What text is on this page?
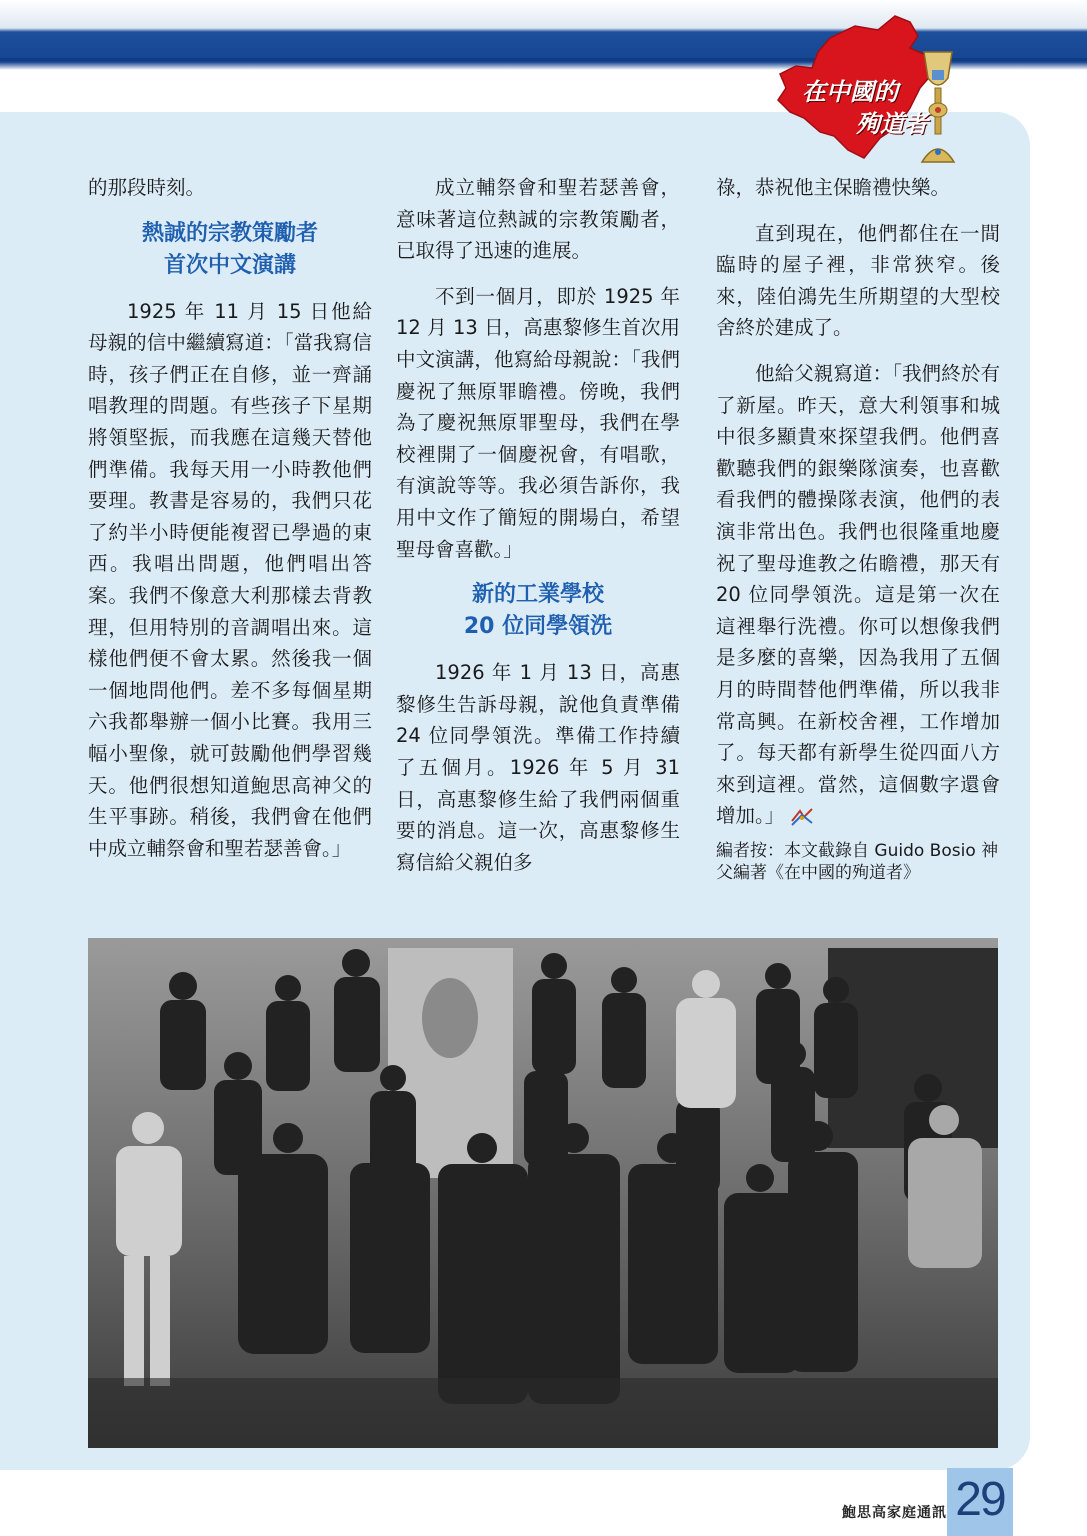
在中國的
殉道者

的那段時刻。

熱誠的宗教策勵者
首次中文演講

1925 年 11 月 15 日他給母親的信中繼續寫道：「當我寫信時，孩子們正在自修，並一齊誦唱教理的問題。有些孩子下星期將領堅振，而我應在這幾天替他們準備。我每天用一小時教他們要理。教書是容易的，我們只花了約半小時便能複習已學過的東西。我唱出問題，他們唱出答案。我們不像意大利那樣去背教理，但用特別的音調唱出來。這樣他們便不會太累。然後我一個一個地問他們。差不多每個星期六我都舉辦一個小比賽。我用三幅小聖像，就可鼓勵他們學習幾天。他們很想知道鮑思高神父的生平事跡。稍後，我們會在他們中成立輔祭會和聖若瑟善會。」

成立輔祭會和聖若瑟善會，意味著這位熱誠的宗教策勵者，已取得了迅速的進展。

不到一個月，即於 1925 年 12 月 13 日，高惠黎修生首次用中文演講，他寫給母親說：「我們慶祝了無原罪瞻禮。傍晚，我們為了慶祝無原罪聖母，我們在學校裡開了一個慶祝會，有唱歌，有演說等等。我必須告訴你，我用中文作了簡短的開場白，希望聖母會喜歡。」

新的工業學校
20 位同學領洗

1926 年 1 月 13 日，高惠黎修生告訴母親，說他負責準備 24 位同學領洗。準備工作持續了五個月。1926 年 5 月 31 日，高惠黎修生給了我們兩個重要的消息。這一次，高惠黎修生寫信給父親伯多

祿，恭祝他主保瞻禮快樂。

直到現在，他們都住在一間臨時的屋子裡，非常狹窄。後來，陸伯鴻先生所期望的大型校舍終於建成了。

他給父親寫道：「我們終於有了新屋。昨天，意大利領事和城中很多顯貴來探望我們。他們喜歡聽我們的銀樂隊演奏，也喜歡看我們的體操隊表演，他們的表演非常出色。我們也很隆重地慶祝了聖母進教之佑瞻禮，那天有 20 位同學領洗。這是第一次在這裡舉行洗禮。你可以想像我們是多麼的喜樂，因為我用了五個月的時間替他們準備，所以我非常高興。在新校舍裡，工作增加了。每天都有新學生從四面八方來到這裡。當然，這個數字還會增加。」

編者按：本文截錄自 Guido Bosio 神父編著《在中國的殉道者》

鮑思高家庭通訊 29
